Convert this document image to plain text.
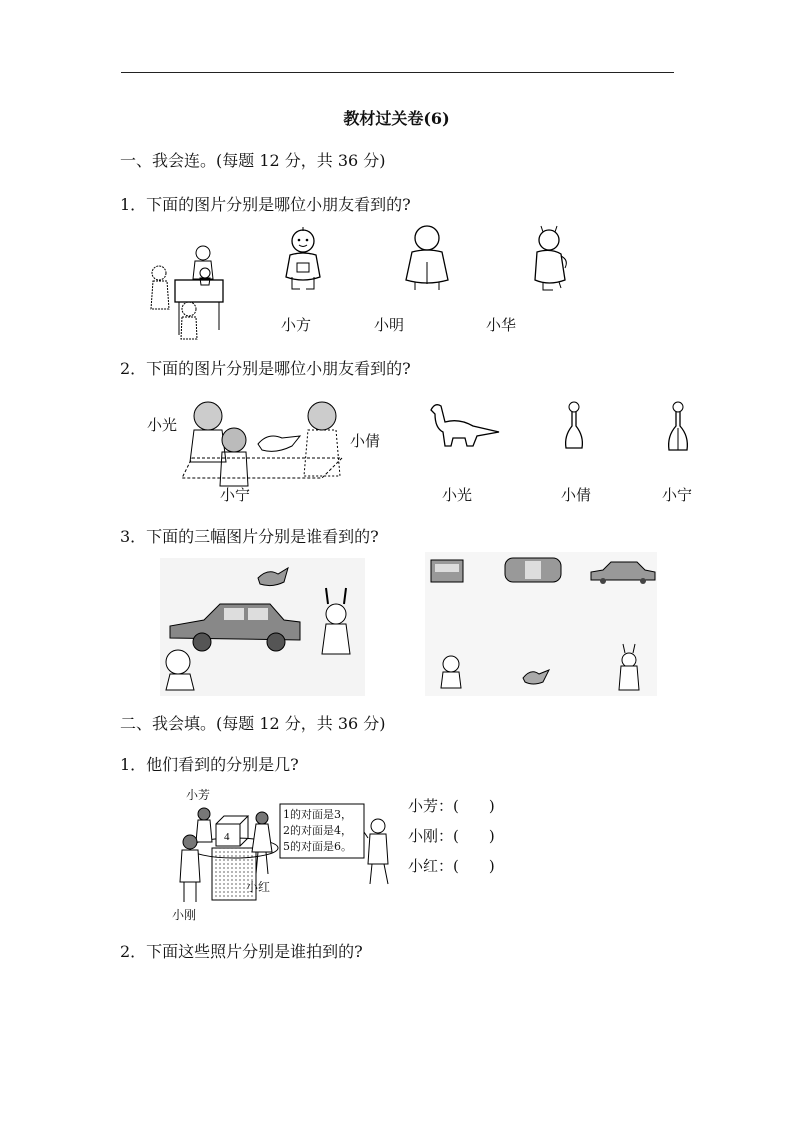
教材过关卷(6)
一、我会连。(每题 12 分，共 36 分)
1．下面的图片分别是哪位小朋友看到的?
小方	小明	小华
2．下面的图片分别是哪位小朋友看到的?
小光
小倩
小宁	小光	小倩	小宁
3．下面的三幅图片分别是谁看到的?
二、我会填。(每题 12 分，共 36 分)
1．他们看到的分别是几?
4
1的对面是3，
2的对面是4，
5的对面是6。
小芳
小红
小刚
小芳：(　　)
小刚：(　　)
小红：(　　)
2．下面这些照片分别是谁拍到的?
